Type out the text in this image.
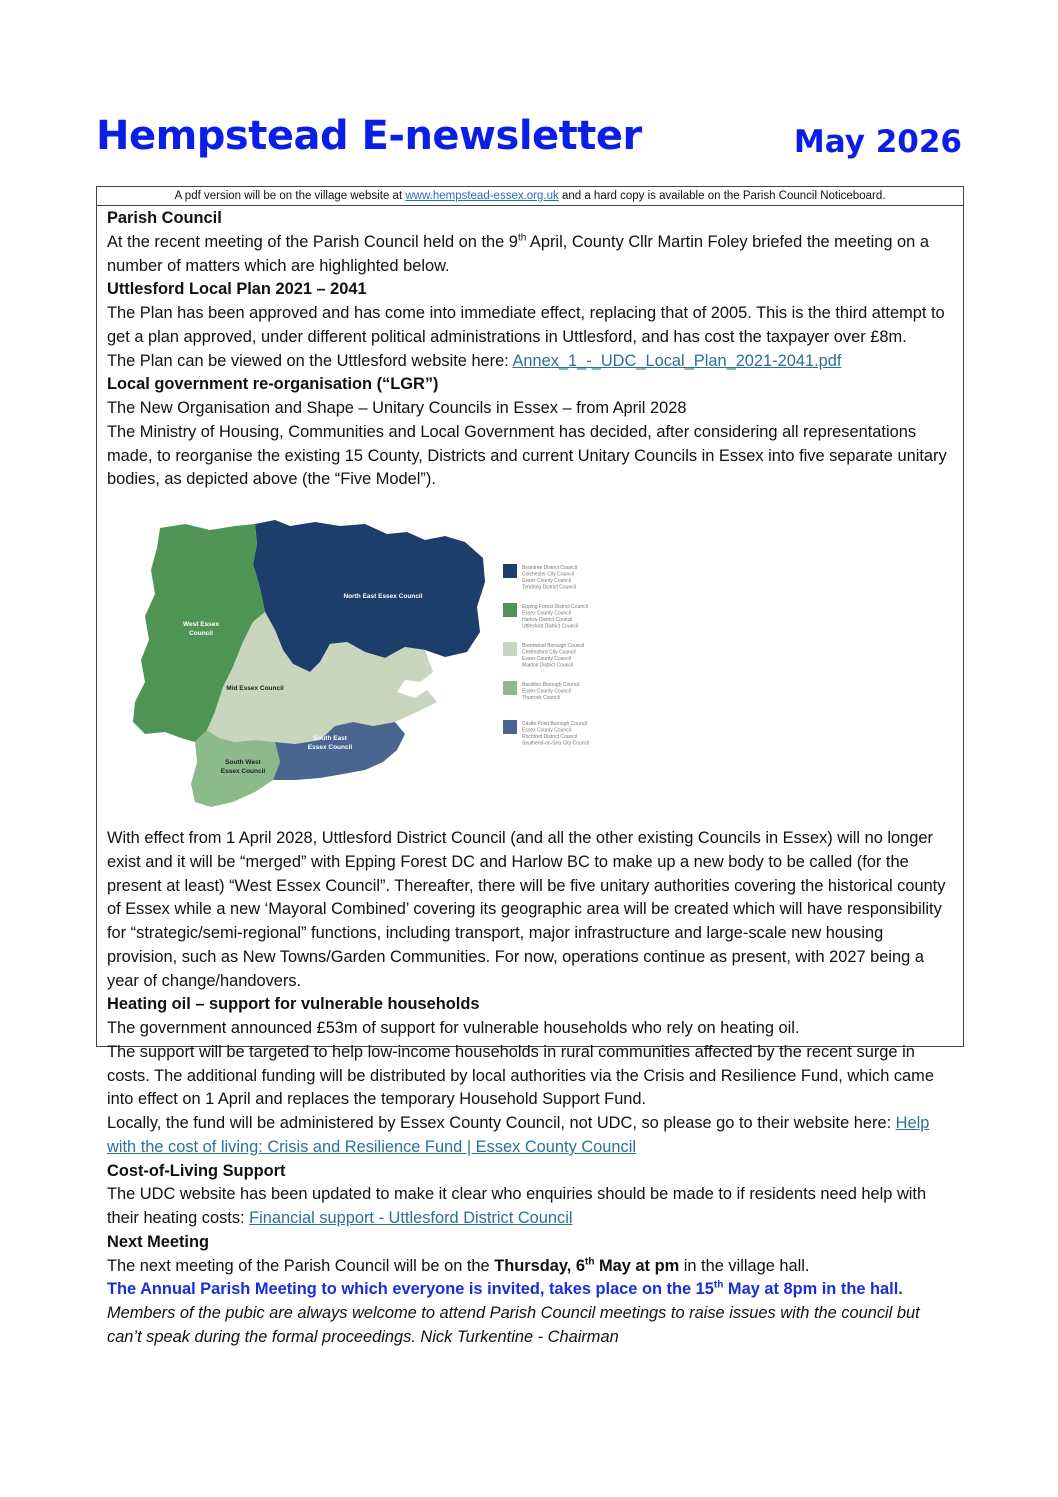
Hempstead E-newsletter	May 2026
A pdf version will be on the village website at www.hempstead-essex.org.uk and a hard copy is available on the Parish Council Noticeboard.

Parish Council

At the recent meeting of the Parish Council held on the 9th April, County Cllr Martin Foley briefed the meeting on a number of matters which are highlighted below.

Uttlesford Local Plan 2021 – 2041

The Plan has been approved and has come into immediate effect, replacing that of 2005. This is the third attempt to get a plan approved, under different political administrations in Uttlesford, and has cost the taxpayer over £8m.

The Plan can be viewed on the Uttlesford website here: Annex_1_-_UDC_Local_Plan_2021-2041.pdf

Local government re-organisation (“LGR”)

The New Organisation and Shape – Unitary Councils in Essex – from April 2028

The Ministry of Housing, Communities and Local Government has decided, after considering all representations made, to reorganise the existing 15 County, Districts and current Unitary Councils in Essex into five separate unitary bodies, as depicted above (the “Five Model”).

North East Essex Council
West Essex
Council
Mid Essex Council
South East
Essex Council
South West
Essex Council
Braintree District Council
Colchester City Council
Essex County Council
Tendring District Council
Epping Forest District Council
Essex County Council
Harlow District Council
Uttlesford District Council
Brentwood Borough Council
Chelmsford City Council
Essex County Council
Maldon District Council
Basildon Borough Council
Essex County Council
Thurrock Council
Castle Point Borough Council
Essex County Council
Rochford District Council
Southend-on-Sea City Council

With effect from 1 April 2028, Uttlesford District Council (and all the other existing Councils in Essex) will no longer exist and it will be “merged” with Epping Forest DC and Harlow BC to make up a new body to be called (for the present at least) “West Essex Council”. Thereafter, there will be five unitary authorities covering the historical county of Essex while a new ‘Mayoral Combined’ covering its geographic area will be created which will have responsibility for “strategic/semi-regional” functions, including transport, major infrastructure and large-scale new housing provision, such as New Towns/Garden Communities. For now, operations continue as present, with 2027 being a year of change/handovers.

Heating oil – support for vulnerable households

The government announced £53m of support for vulnerable households who rely on heating oil.

The support will be targeted to help low-income households in rural communities affected by the recent surge in costs. The additional funding will be distributed by local authorities via the Crisis and Resilience Fund, which came into effect on 1 April and replaces the temporary Household Support Fund.

Locally, the fund will be administered by Essex County Council, not UDC, so please go to their website here: Help with the cost of living: Crisis and Resilience Fund | Essex County Council

Cost-of-Living Support

The UDC website has been updated to make it clear who enquiries should be made to if residents need help with their heating costs: Financial support - Uttlesford District Council

Next Meeting

The next meeting of the Parish Council will be on the Thursday, 6th May at pm in the village hall.

The Annual Parish Meeting to which everyone is invited, takes place on the 15th May at 8pm in the hall.

Members of the pubic are always welcome to attend Parish Council meetings to raise issues with the council but can’t speak during the formal proceedings. Nick Turkentine - Chairman
